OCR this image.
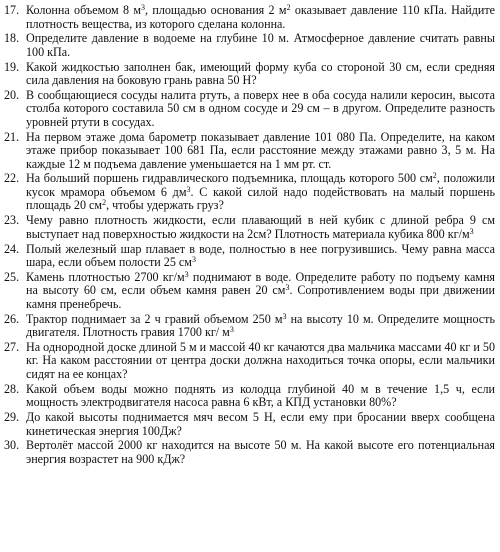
17. Колонна объемом 8 $м^3$, площадью основания 2 $м^2$ оказывает давление 110 кПа. Найдите плотность вещества, из которого сделана колонна.
18. Определите давление в водоеме на глубине 10 м. Атмосферное давление считать равны 100 кПа.
19. Какой жидкостью заполнен бак, имеющий форму куба со стороной 30 см, если средняя сила давления на боковую грань равна 50 Н?
20. В сообщающиеся сосуды налита ртуть, а поверх нее в оба сосуда налили керосин, высота столба которого составила 50 см в одном сосуде и 29 см – в другом. Определите разность уровней ртути в сосудах.
21. На первом этаже дома барометр показывает давление 101 080 Па. Определите, на каком этаже прибор показывает 100 681 Па, если расстояние между этажами равно 3, 5 м. На каждые 12 м подъема давление уменьшается на 1 мм рт. ст.
22. На больший поршень гидравлического подъемника, площадь которого 500 $см^2$, положили кусок мрамора объемом 6 $дм^3$. С какой силой надо подействовать на малый поршень площадь 20 $см^2$, чтобы удержать груз?
23. Чему равно плотность жидкости, если плавающий в ней кубик с длиной ребра 9 см выступает над поверхностью жидкости на 2см? Плотность материала кубика 800 $кг/м^3$
24. Полый железный шар плавает в воде, полностью в нее погрузившись. Чему равна масса шара, если объем полости 25 $см^3$
25. Камень плотностью 2700 $кг/м^3$ поднимают в воде. Определите работу по подъему камня на высоту 60 см, если объем камня равен 20 $см^3$. Сопротивлением воды при движении камня пренебречь.
26. Трактор поднимает за 2 ч гравий объемом 250 $м^3$ на высоту 10 м. Определите мощность двигателя. Плотность гравия 1700 кг/ $м^3$
27. На однородной доске длиной 5 м и массой 40 кг качаются два мальчика массами 40 кг и 50 кг. На каком расстоянии от центра доски должна находиться точка опоры, если мальчики сидят на ее концах?
28. Какой объем воды можно поднять из колодца глубиной 40 м в течение 1,5 ч, если мощность электродвигателя насоса равна 6 кВт, а КПД установки 80%?
29. До какой высоты поднимается мяч весом 5 Н, если ему при бросании вверх сообщена кинетическая энергия 100Дж?
30. Вертолёт массой 2000 кг находится на высоте 50 м. На какой высоте его потенциальная энергия возрастет на 900 кДж?
